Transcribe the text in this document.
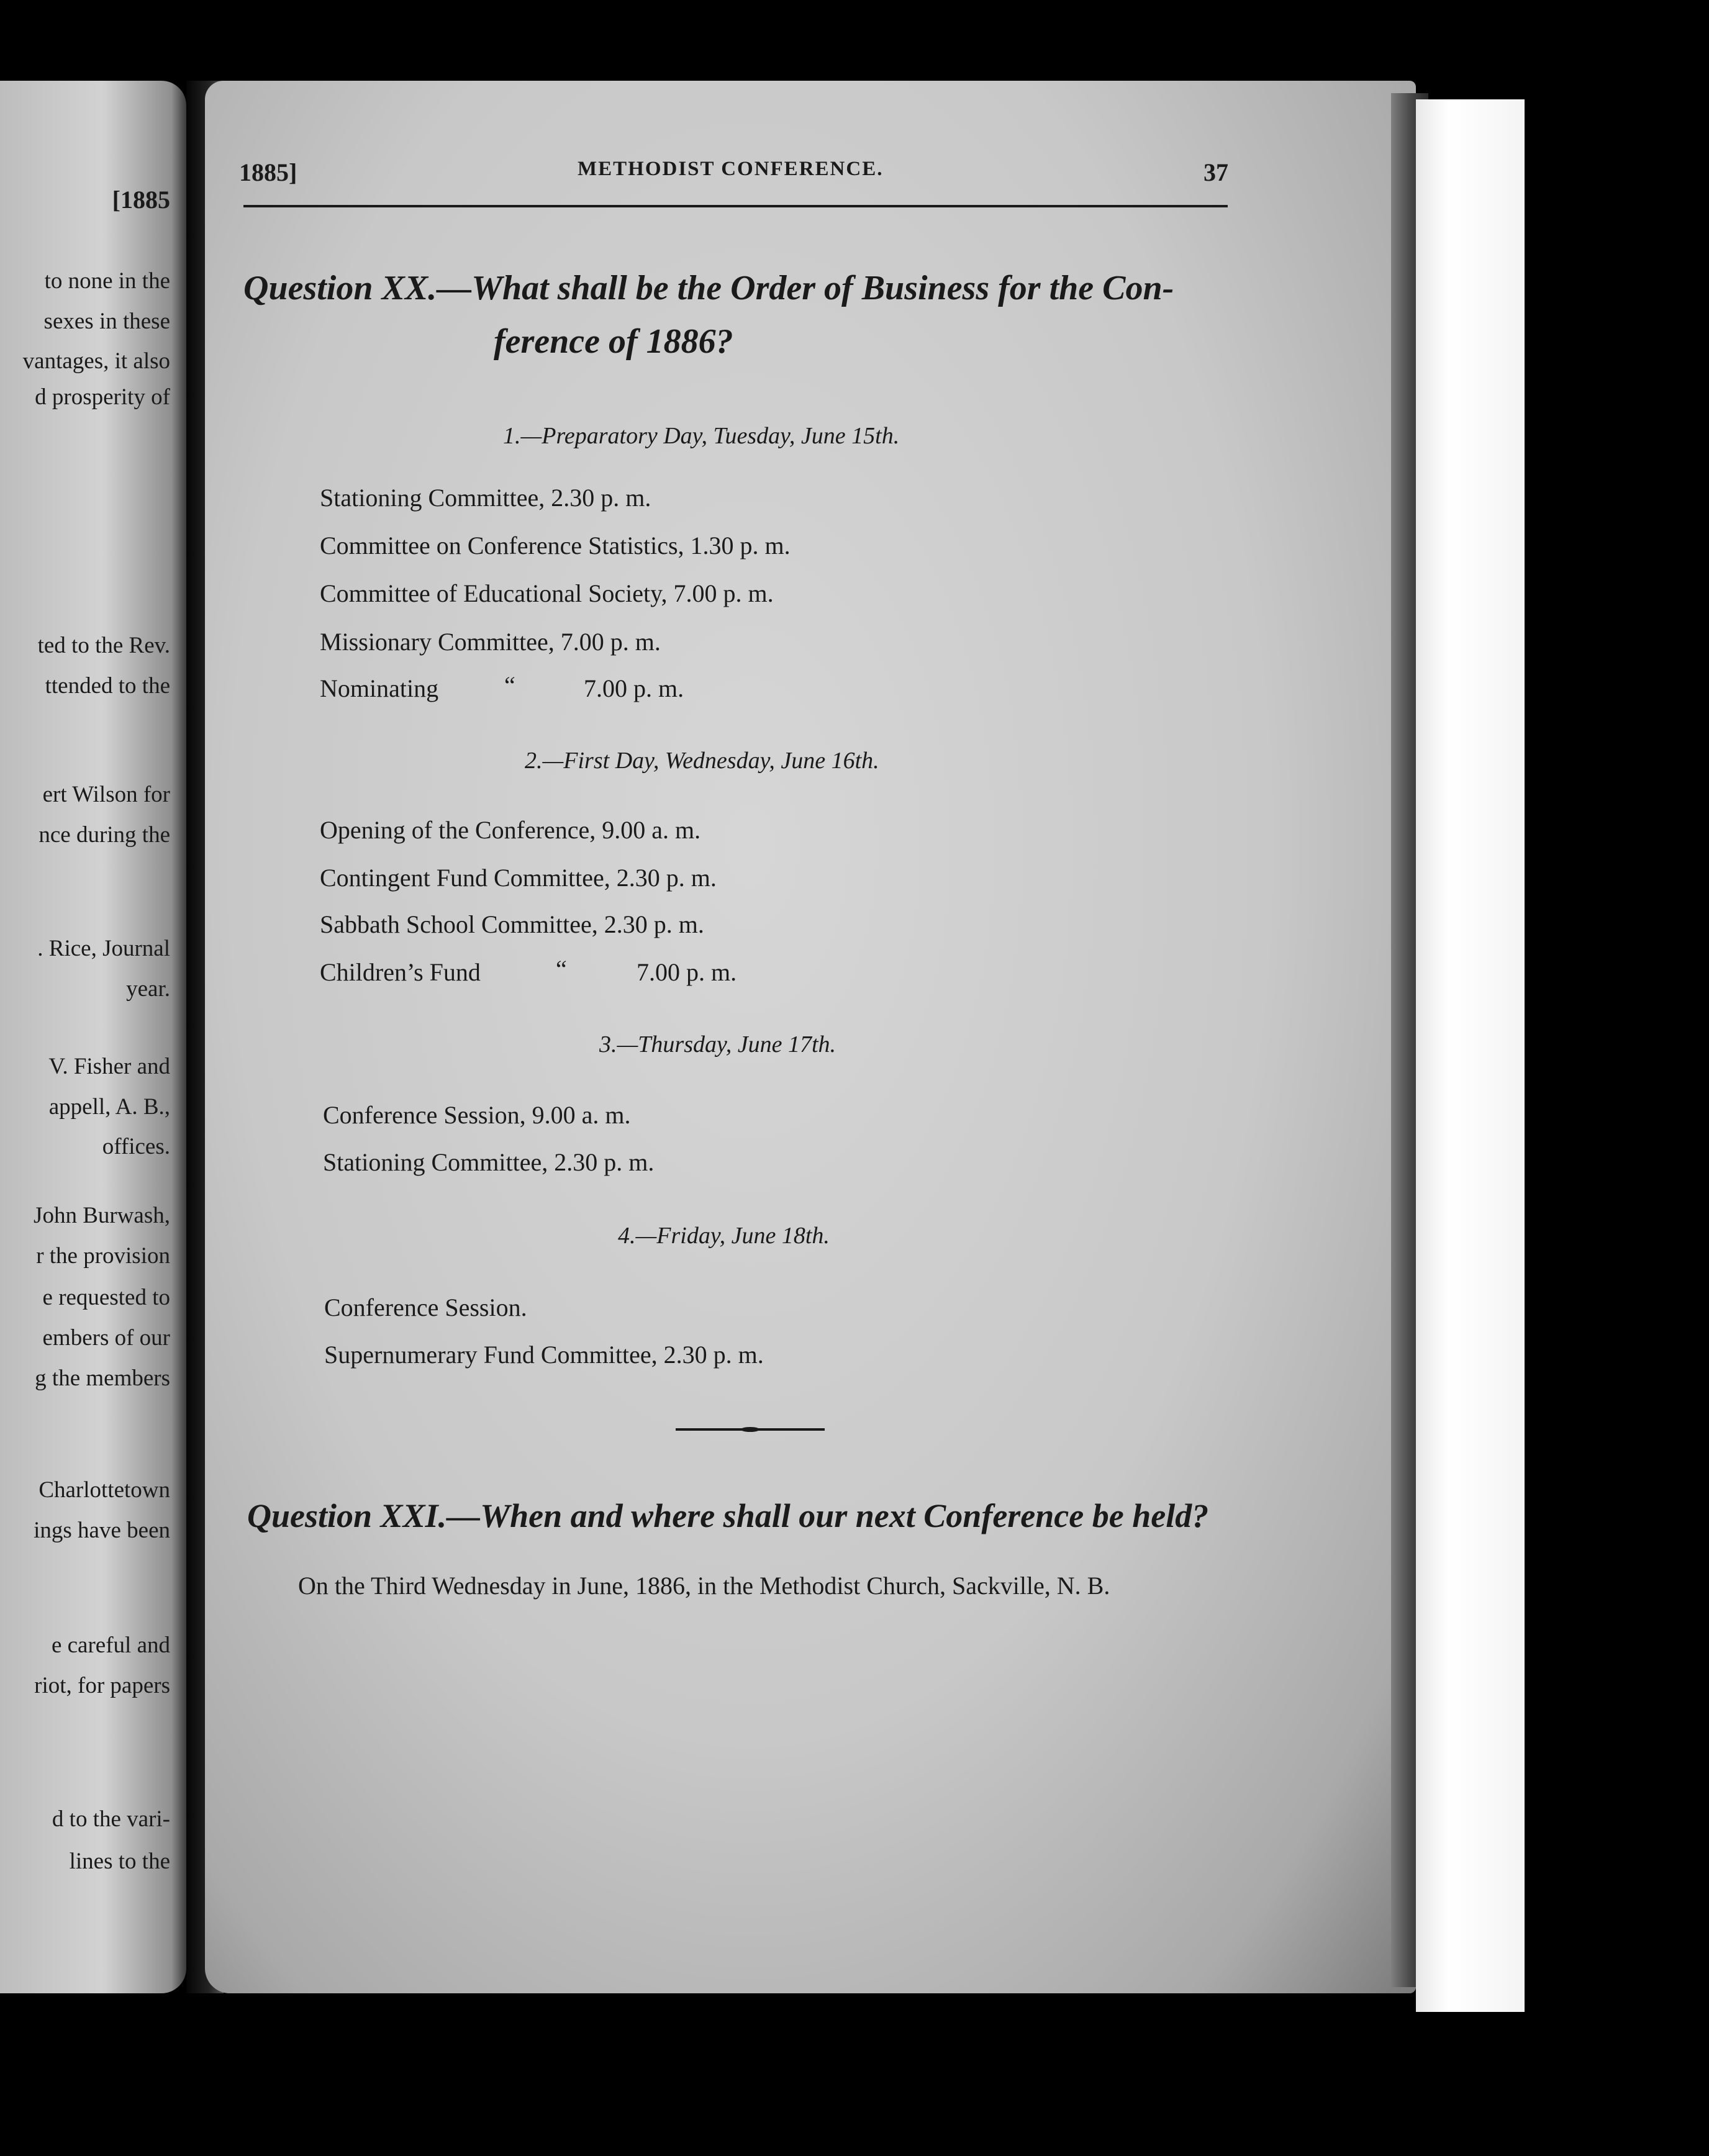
[1885
to none in the
sexes in these
vantages, it also
d prosperity of
ted to the Rev.
ttended to the
ert Wilson for
nce during the
. Rice, Journal
year.
V. Fisher and
appell, A. B.,
offices.
John Burwash,
r the provision
e requested to
embers of our
g the members
Charlottetown
ings have been
e careful and
riot, for papers
d to the vari-
lines to the
1885]	METHODIST CONFERENCE.	37
Question XX.—What shall be the Order of Business for the Con-
ference of 1886?
1.—Preparatory Day, Tuesday, June 15th.
Stationing Committee, 2.30 p. m.
Committee on Conference Statistics, 1.30 p. m.
Committee of Educational Society, 7.00 p. m.
Missionary Committee, 7.00 p. m.
Nominating	“	7.00 p. m.
2.—First Day, Wednesday, June 16th.
Opening of the Conference, 9.00 a. m.
Contingent Fund Committee, 2.30 p. m.
Sabbath School Committee, 2.30 p. m.
Children’s Fund	“	7.00 p. m.
3.—Thursday, June 17th.
Conference Session, 9.00 a. m.
Stationing Committee, 2.30 p. m.
4.—Friday, June 18th.
Conference Session.
Supernumerary Fund Committee, 2.30 p. m.
Question XXI.—When and where shall our next Conference be held?
On the Third Wednesday in June, 1886, in the Methodist Church, Sackville, N. B.
